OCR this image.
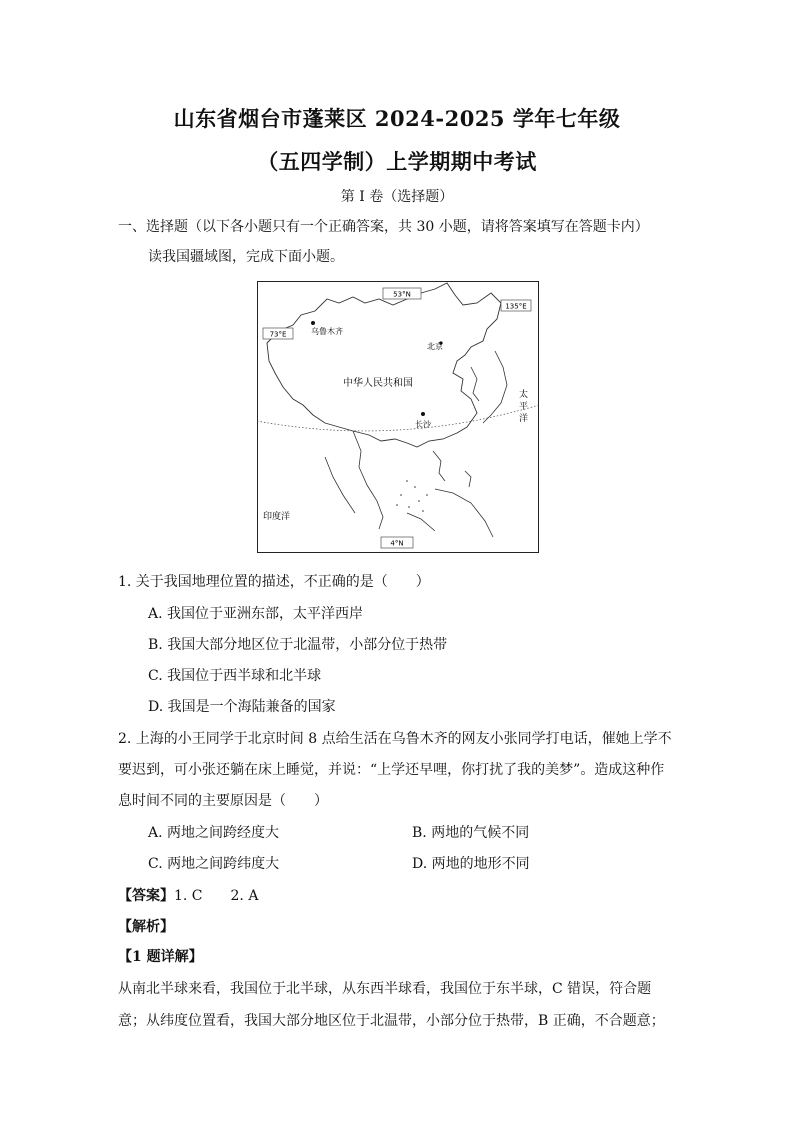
山东省烟台市蓬莱区 2024-2025 学年七年级
（五四学制）上学期期中考试
第 I 卷（选择题）
一、选择题（以下各小题只有一个正确答案，共 30 小题，请将答案填写在答题卡内）
读我国疆域图，完成下面小题。
53°N
135°E
73°E
4°N
乌鲁木齐
北京
中华人民共和国
长沙
太
平
洋
印度洋
1. 关于我国地理位置的描述，不正确的是（　　）
A. 我国位于亚洲东部，太平洋西岸
B. 我国大部分地区位于北温带，小部分位于热带
C. 我国位于西半球和北半球
D. 我国是一个海陆兼备的国家
2. 上海的小王同学于北京时间 8 点给生活在乌鲁木齐的网友小张同学打电话，催她上学不
要迟到，可小张还躺在床上睡觉，并说：“上学还早哩，你打扰了我的美梦”。造成这种作
息时间不同的主要原因是（　　）
A. 两地之间跨经度大	B. 两地的气候不同
C. 两地之间跨纬度大	D. 两地的地形不同
【答案】1. C　　2. A
【解析】
【1 题详解】
从南北半球来看，我国位于北半球，从东西半球看，我国位于东半球，C 错误，符合题
意；从纬度位置看，我国大部分地区位于北温带，小部分位于热带，B 正确，不合题意；
